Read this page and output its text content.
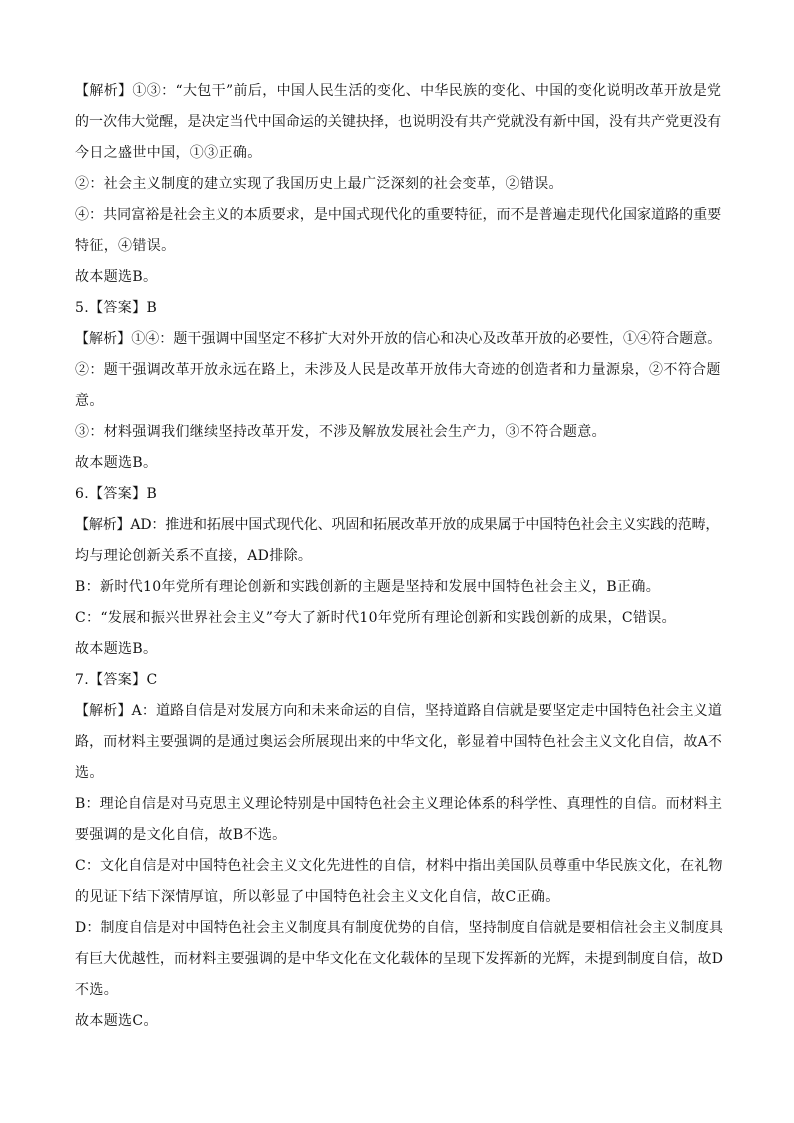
【解析】①③：“大包干”前后，中国人民生活的变化、中华民族的变化、中国的变化说明改革开放是党
的一次伟大觉醒，是决定当代中国命运的关键抉择，也说明没有共产党就没有新中国，没有共产党更没有
今日之盛世中国，①③正确。
②：社会主义制度的建立实现了我国历史上最广泛深刻的社会变革，②错误。
④：共同富裕是社会主义的本质要求，是中国式现代化的重要特征，而不是普遍走现代化国家道路的重要
特征，④错误。
故本题选B。
5.【答案】B
【解析】①④：题干强调中国坚定不移扩大对外开放的信心和决心及改革开放的必要性，①④符合题意。
②：题干强调改革开放永远在路上，未涉及人民是改革开放伟大奇迹的创造者和力量源泉，②不符合题
意。
③：材料强调我们继续坚持改革开发，不涉及解放发展社会生产力，③不符合题意。
故本题选B。
6.【答案】B
【解析】AD：推进和拓展中国式现代化、巩固和拓展改革开放的成果属于中国特色社会主义实践的范畴，
均与理论创新关系不直接，AD排除。
B：新时代10年党所有理论创新和实践创新的主题是坚持和发展中国特色社会主义，B正确。
C：“发展和振兴世界社会主义”夸大了新时代10年党所有理论创新和实践创新的成果，C错误。
故本题选B。
7.【答案】C
【解析】A：道路自信是对发展方向和未来命运的自信，坚持道路自信就是要坚定走中国特色社会主义道
路，而材料主要强调的是通过奥运会所展现出来的中华文化，彰显着中国特色社会主义文化自信，故A不
选。
B：理论自信是对马克思主义理论特别是中国特色社会主义理论体系的科学性、真理性的自信。而材料主
要强调的是文化自信，故B不选。
C：文化自信是对中国特色社会主义文化先进性的自信，材料中指出美国队员尊重中华民族文化，在礼物
的见证下结下深情厚谊，所以彰显了中国特色社会主义文化自信，故C正确。
D：制度自信是对中国特色社会主义制度具有制度优势的自信，坚持制度自信就是要相信社会主义制度具
有巨大优越性，而材料主要强调的是中华文化在文化载体的呈现下发挥新的光辉，未提到制度自信，故D
不选。
故本题选C。
